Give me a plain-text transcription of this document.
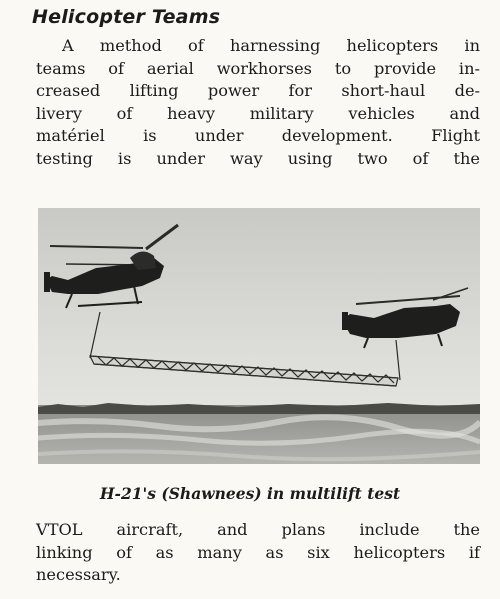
Helicopter Teams
A method of harnessing helicopters in
teams of aerial workhorses to provide in-
creased lifting power for short-haul de-
livery of heavy military vehicles and
matériel is under development. Flight
testing is under way using two of the

H-21's (Shawnees) in multilift test

VTOL aircraft, and plans include the
linking of as many as six helicopters if
necessary.
